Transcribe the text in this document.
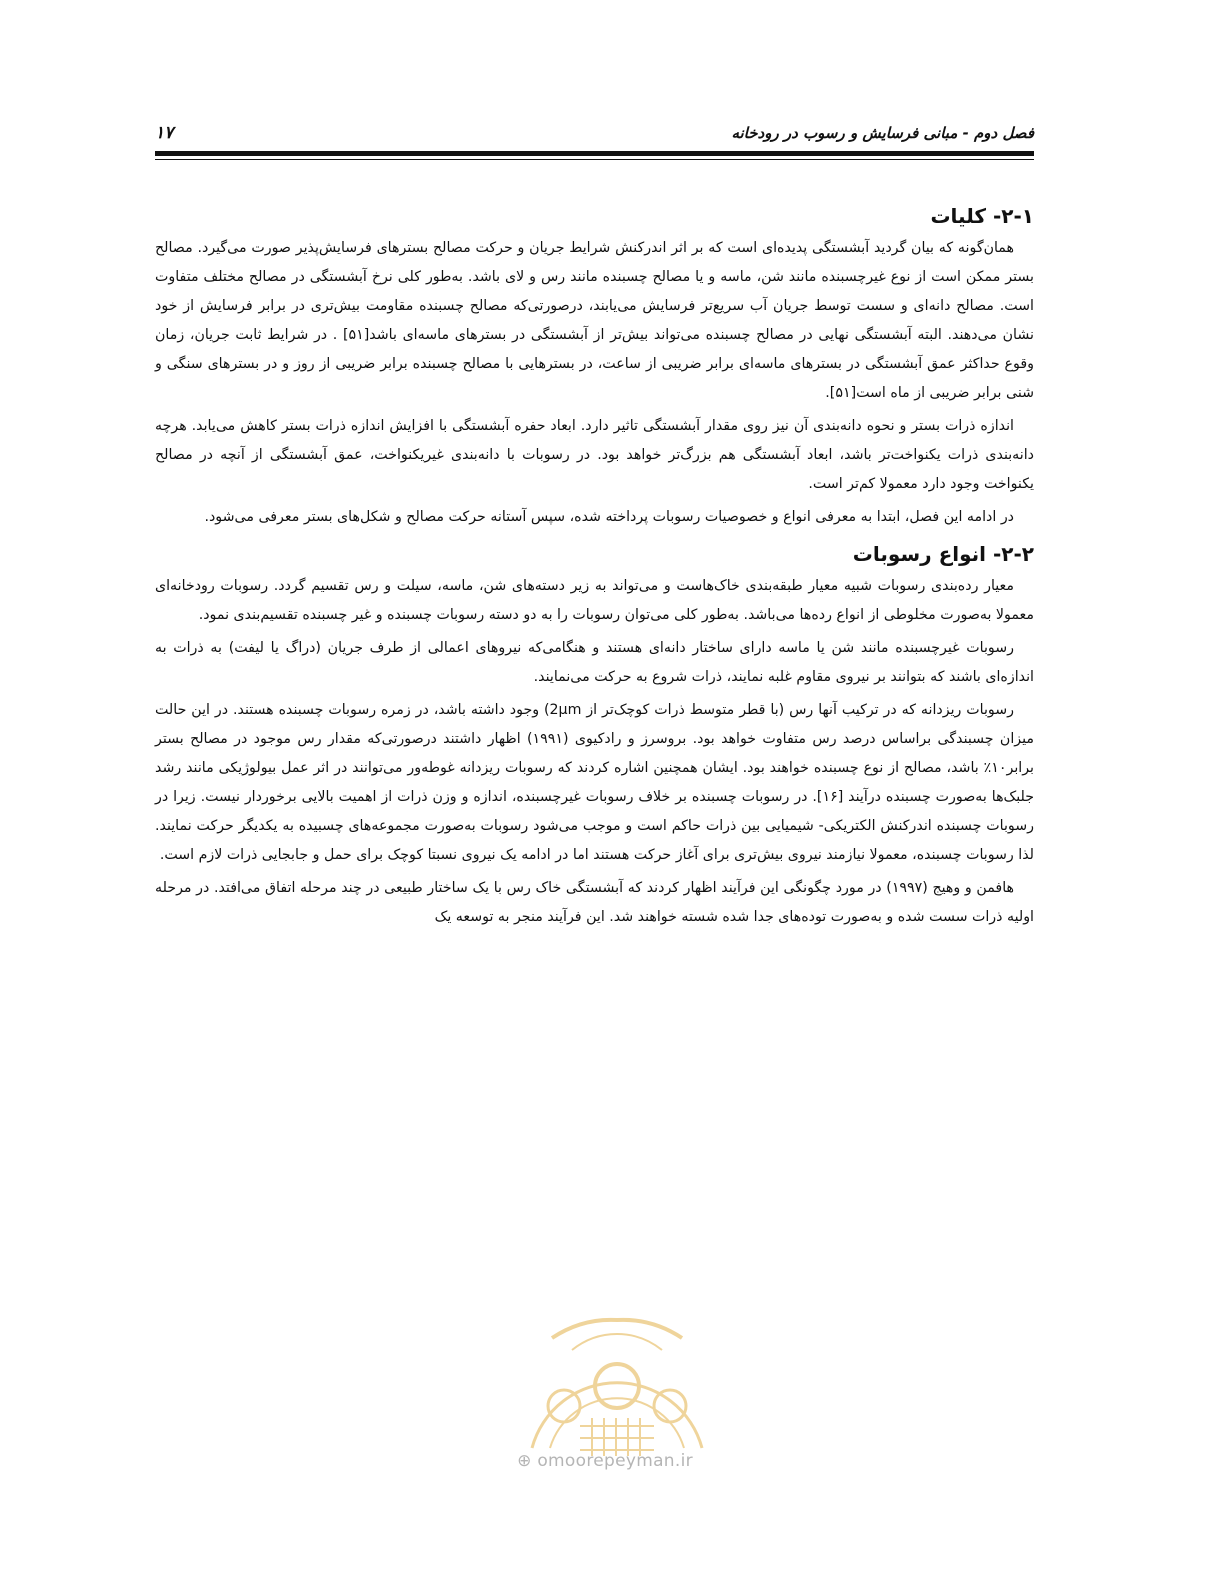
فصل دوم - مبانی فرسایش و رسوب در رودخانه
۱۷
۲-۱- کلیات

همان‌گونه که بیان گردید آبشستگی پدیده‌ای است که بر اثر اندرکنش شرایط جریان و حرکت مصالح بسترهای فرسایش‌پذیر صورت می‌گیرد. مصالح بستر ممکن است از نوع غیرچسبنده مانند شن، ماسه و یا مصالح چسبنده مانند رس و لای باشد. به‌طور کلی نرخ آبشستگی در مصالح مختلف متفاوت است. مصالح دانه‌ای و سست توسط جریان آب سریع‌تر فرسایش می‌یابند، درصورتی‌که مصالح چسبنده مقاومت بیش‌تری در برابر فرسایش از خود نشان می‌دهند. البته آبشستگی نهایی در مصالح چسبنده می‌تواند بیش‌تر از آبشستگی در بسترهای ماسه‌ای باشد[۵۱] . در شرایط ثابت جریان، زمان وقوع حداکثر عمق آبشستگی در بسترهای ماسه‌ای برابر ضریبی از ساعت، در بسترهایی با مصالح چسبنده برابر ضریبی از روز و در بسترهای سنگی و شنی برابر ضریبی از ماه است[۵۱].

اندازه ذرات بستر و نحوه دانه‌بندی آن نیز روی مقدار آبشستگی تاثیر دارد. ابعاد حفره آبشستگی با افزایش اندازه ذرات بستر کاهش می‌یابد. هرچه دانه‌بندی ذرات یکنواخت‌تر باشد، ابعاد آبشستگی هم بزرگ‌تر خواهد بود. در رسوبات با دانه‌بندی غیریکنواخت، عمق آبشستگی از آنچه در مصالح یکنواخت وجود دارد معمولا کم‌تر است.

در ادامه این فصل، ابتدا به معرفی انواع و خصوصیات رسوبات پرداخته شده، سپس آستانه حرکت مصالح و شکل‌های بستر معرفی می‌شود.

۲-۲- انواع رسوبات

معیار رده‌بندی رسوبات شبیه معیار طبقه‌بندی خاک‌هاست و می‌تواند به زیر دسته‌های شن، ماسه، سیلت و رس تقسیم گردد. رسوبات رودخانه‌ای معمولا به‌صورت مخلوطی از انواع رده‌ها می‌باشد. به‌طور کلی می‌توان رسوبات را به دو دسته رسوبات چسبنده و غیر چسبنده تقسیم‌بندی نمود.

رسوبات غیرچسبنده مانند شن یا ماسه دارای ساختار دانه‌ای هستند و هنگامی‌که نیروهای اعمالی از طرف جریان (دراگ یا لیفت) به ذرات به اندازه‌ای باشند که بتوانند بر نیروی مقاوم غلبه نمایند، ذرات شروع به حرکت می‌نمایند.

رسوبات ریزدانه که در ترکیب آنها رس (با قطر متوسط ذرات کوچک‌تر از 2μm) وجود داشته باشد، در زمره رسوبات چسبنده هستند. در این حالت میزان چسبندگی براساس درصد رس متفاوت خواهد بود. بروسرز و رادکیوی (۱۹۹۱) اظهار داشتند درصورتی‌که مقدار رس موجود در مصالح بستر برابر۱۰٪ باشد، مصالح از نوع چسبنده خواهند بود. ایشان همچنین اشاره کردند که رسوبات ریزدانه غوطه‌ور می‌توانند در اثر عمل بیولوژیکی مانند رشد جلبک‌ها به‌صورت چسبنده درآیند [۱۶]. در رسوبات چسبنده بر خلاف رسوبات غیرچسبنده، اندازه و وزن ذرات از اهمیت بالایی برخوردار نیست. زیرا در رسوبات چسبنده اندرکنش الکتریکی- شیمیایی بین ذرات حاکم است و موجب می‌شود رسوبات به‌صورت مجموعه‌های چسبیده به یکدیگر حرکت نمایند. لذا رسوبات چسبنده، معمولا نیازمند نیروی بیش‌تری برای آغاز حرکت هستند اما در ادامه یک نیروی نسبتا کوچک برای حمل و جابجایی ذرات لازم است.

هافمن و وهیج (۱۹۹۷) در مورد چگونگی این فرآیند اظهار کردند که آبشستگی خاک رس با یک ساختار طبیعی در چند مرحله اتفاق می‌افتد. در مرحله اولیه ذرات سست شده و به‌صورت توده‌های جدا شده شسته خواهند شد. این فرآیند منجر به توسعه یک

⊕ omoorepeyman.ir
